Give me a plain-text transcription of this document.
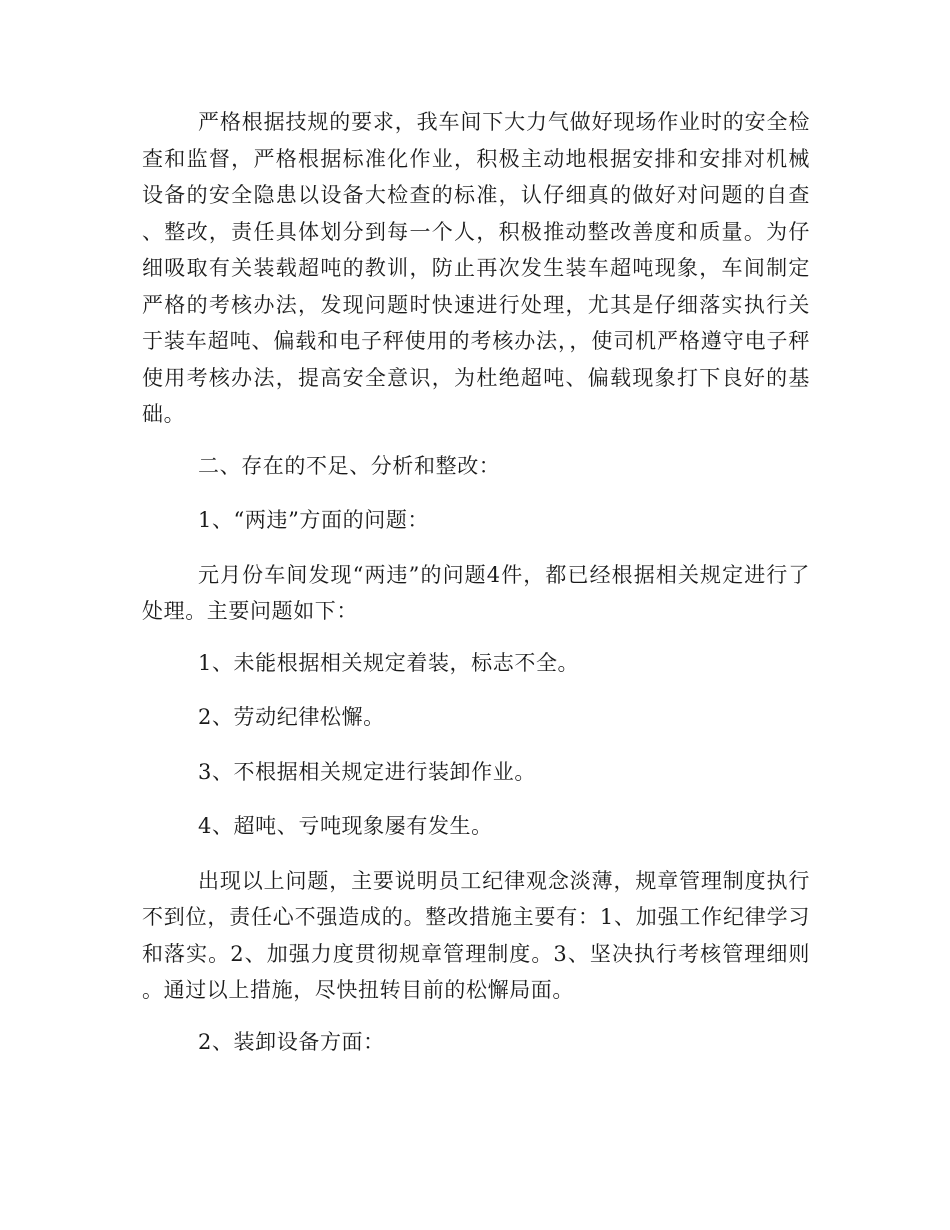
严格根据技规的要求，我车间下大力气做好现场作业时的安全检查和监督，严格根据标准化作业，积极主动地根据安排和安排对机械设备的安全隐患以设备大检查的标准，认仔细真的做好对问题的自查、整改，责任具体划分到每一个人，积极推动整改善度和质量。为仔细吸取有关装载超吨的教训，防止再次发生装车超吨现象，车间制定严格的考核办法，发现问题时快速进行处理，尤其是仔细落实执行关于装车超吨、偏载和电子秤使用的考核办法，，使司机严格遵守电子秤使用考核办法，提高安全意识，为杜绝超吨、偏载现象打下良好的基础。

二、存在的不足、分析和整改：

1、“两违”方面的问题：

元月份车间发现“两违”的问题4件，都已经根据相关规定进行了处理。主要问题如下：

1、未能根据相关规定着装，标志不全。

2、劳动纪律松懈。

3、不根据相关规定进行装卸作业。

4、超吨、亏吨现象屡有发生。

出现以上问题，主要说明员工纪律观念淡薄，规章管理制度执行不到位，责任心不强造成的。整改措施主要有：1、加强工作纪律学习和落实。2、加强力度贯彻规章管理制度。3、坚决执行考核管理细则。通过以上措施，尽快扭转目前的松懈局面。

2、装卸设备方面：
